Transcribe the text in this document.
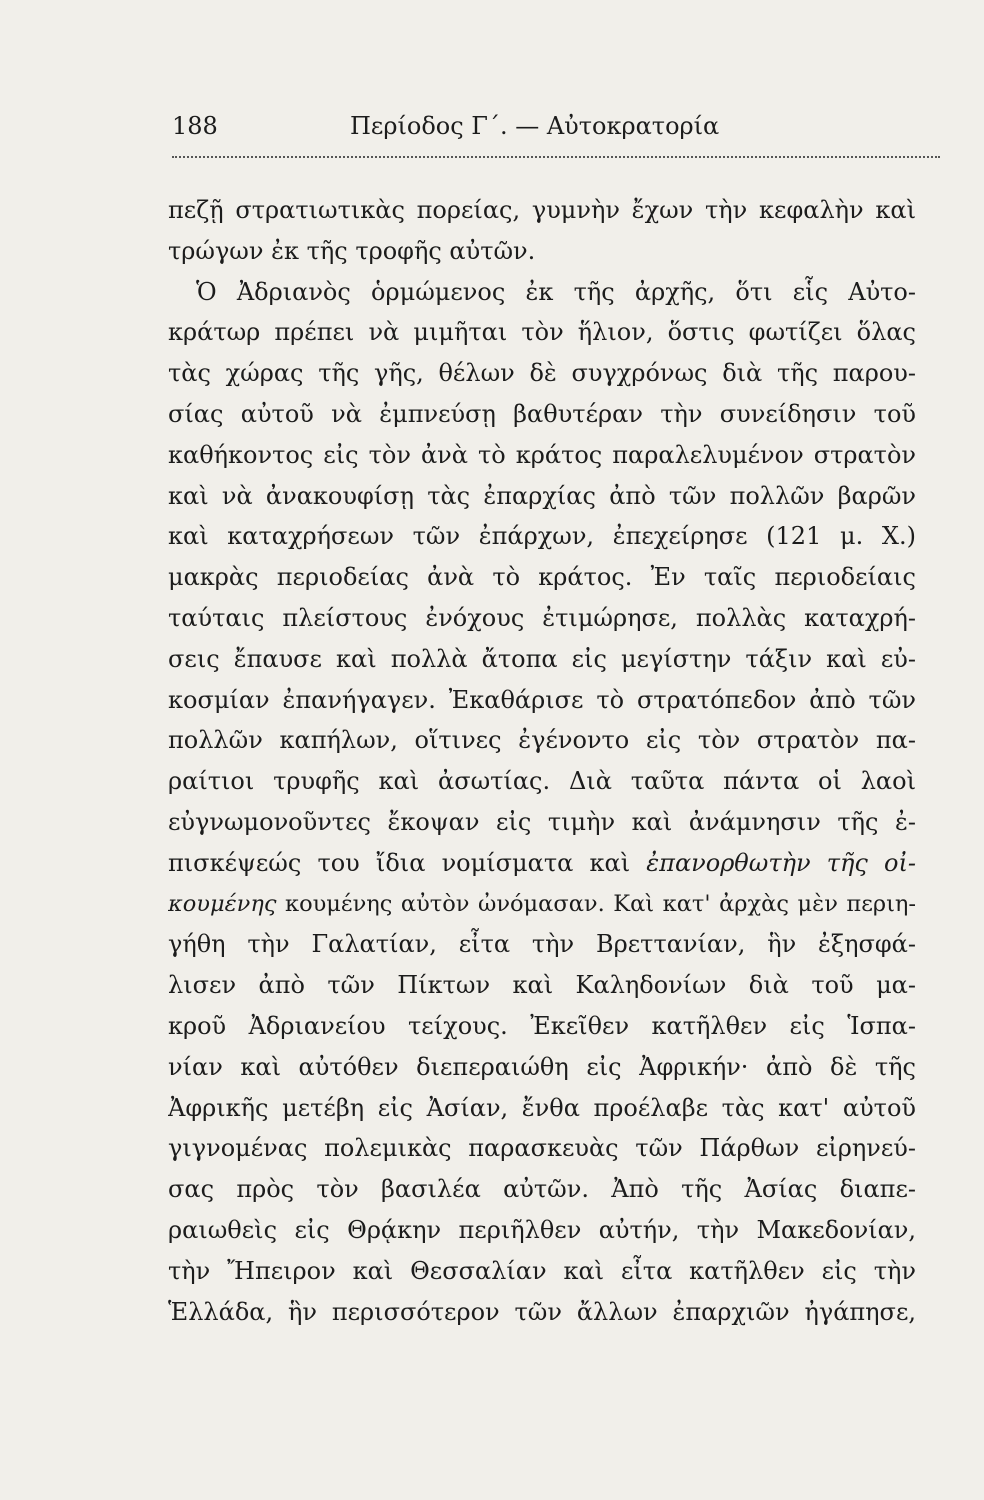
188	Περίοδος Γ΄. — Αὐτοκρατορία
πεζῇ στρατιωτικὰς πορείας, γυμνὴν ἔχων τὴν κεφαλὴν καὶ
τρώγων ἐκ τῆς τροφῆς αὐτῶν.
Ὁ Ἀδριανὸς ὁρμώμενος ἐκ τῆς ἀρχῆς, ὅτι εἷς Αὐτο-
κράτωρ πρέπει νὰ μιμῆται τὸν ἥλιον, ὅστις φωτίζει ὅλας
τὰς χώρας τῆς γῆς, θέλων δὲ συγχρόνως διὰ τῆς παρου-
σίας αὐτοῦ νὰ ἐμπνεύσῃ βαθυτέραν τὴν συνείδησιν τοῦ
καθήκοντος εἰς τὸν ἀνὰ τὸ κράτος παραλελυμένον στρατὸν
καὶ νὰ ἀνακουφίσῃ τὰς ἐπαρχίας ἀπὸ τῶν πολλῶν βαρῶν
καὶ καταχρήσεων τῶν ἐπάρχων, ἐπεχείρησε (121 μ. Χ.)
μακρὰς περιοδείας ἀνὰ τὸ κράτος. Ἐν ταῖς περιοδείαις
ταύταις πλείστους ἐνόχους ἐτιμώρησε, πολλὰς καταχρή-
σεις ἔπαυσε καὶ πολλὰ ἄτοπα εἰς μεγίστην τάξιν καὶ εὐ-
κοσμίαν ἐπανήγαγεν. Ἐκαθάρισε τὸ στρατόπεδον ἀπὸ τῶν
πολλῶν καπήλων, οἵτινες ἐγένοντο εἰς τὸν στρατὸν πα-
ραίτιοι τρυφῆς καὶ ἀσωτίας. Διὰ ταῦτα πάντα οἱ λαοὶ
εὐγνωμονοῦντες ἔκοψαν εἰς τιμὴν καὶ ἀνάμνησιν τῆς ἐ-
πισκέψεώς του ἴδια νομίσματα καὶ ἐπανορθωτὴν τῆς οἰ-
κουμένης κουμένης αὐτὸν ὠνόμασαν. Καὶ κατ' ἀρχὰς μὲν περιη-
γήθη τὴν Γαλατίαν, εἶτα τὴν Βρεττανίαν, ἣν ἐξησφά-
λισεν ἀπὸ τῶν Πίκτων καὶ Καληδονίων διὰ τοῦ μα-
κροῦ Ἀδριανείου τείχους. Ἐκεῖθεν κατῆλθεν εἰς Ἱσπα-
νίαν καὶ αὐτόθεν διεπεραιώθη εἰς Ἀφρικήν· ἀπὸ δὲ τῆς
Ἀφρικῆς μετέβη εἰς Ἀσίαν, ἔνθα προέλαβε τὰς κατ' αὐτοῦ
γιγνομένας πολεμικὰς παρασκευὰς τῶν Πάρθων εἰρηνεύ-
σας πρὸς τὸν βασιλέα αὐτῶν. Ἀπὸ τῆς Ἀσίας διαπε-
ραιωθεὶς εἰς Θρᾴκην περιῆλθεν αὐτήν, τὴν Μακεδονίαν,
τὴν Ἤπειρον καὶ Θεσσαλίαν καὶ εἶτα κατῆλθεν εἰς τὴν
Ἑλλάδα, ἣν περισσότερον τῶν ἄλλων ἐπαρχιῶν ἠγάπησε,
